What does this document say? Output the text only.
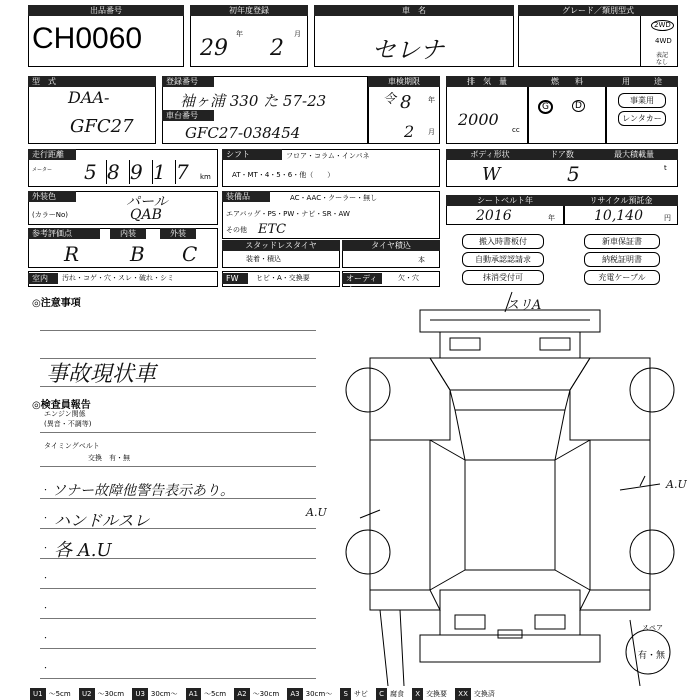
出品番号
CH0060
初年度登録
29
年
2
月
車　名
セレナ
グレード／類別型式
2WD
4WD
表記なし
型　式
DAA-
GFC27
登録番号
袖ヶ浦 330 た 57-23
車台番号
GFC27-038454
車検期限
令 8 年
2 月
排　気　量
2000
cc
燃　　料
G	D
用　　　途
事業用
レンタカー
走行距離
メーター 5 8 9 1 7	km
シフト	フロア・コラム・インパネ
AT・MT・4・5・6・他（　　）
ボディ形状
W
ドア数
5
最大積載量
t
外装色	パール
(カラーNo)	QAB
装備品	AC・AAC・クーラー・無し
エアバッグ・PS・PW・ナビ・SR・AW
その他 ETC
シートベルト年
2016	年
リサイクル預託金
10,140	円
参考評価点
R
内装
B
外装
C	スタッドレスタイヤ
装着・積込
タイヤ積込
本
搬入時書板付
自動承認認請求
抹消受付可
新車保証書
納税証明書
充電ケーブル
室内	汚れ・コゲ・穴・スレ・破れ・シミ	FW	ヒビ・A・交換要	オーディオ
欠・穴
◎注意事項
事故現状車
◎検査員報告
エンジン関係
(異音・不調等)
タイミングベルト
交換　有・無
・ ソナー故障他警告表示あり。
・ ハンドルスレ
・ 各 A.U
・
・
・
・
スリA
A.U
A.U
スペア
有・無
U1 ～5cm U2 ～30cm U3 30cm～ A1 ～5cm A2 ～30cm A3 30cm～ S サビ C 腐食 X 交換要 XX 交換済
